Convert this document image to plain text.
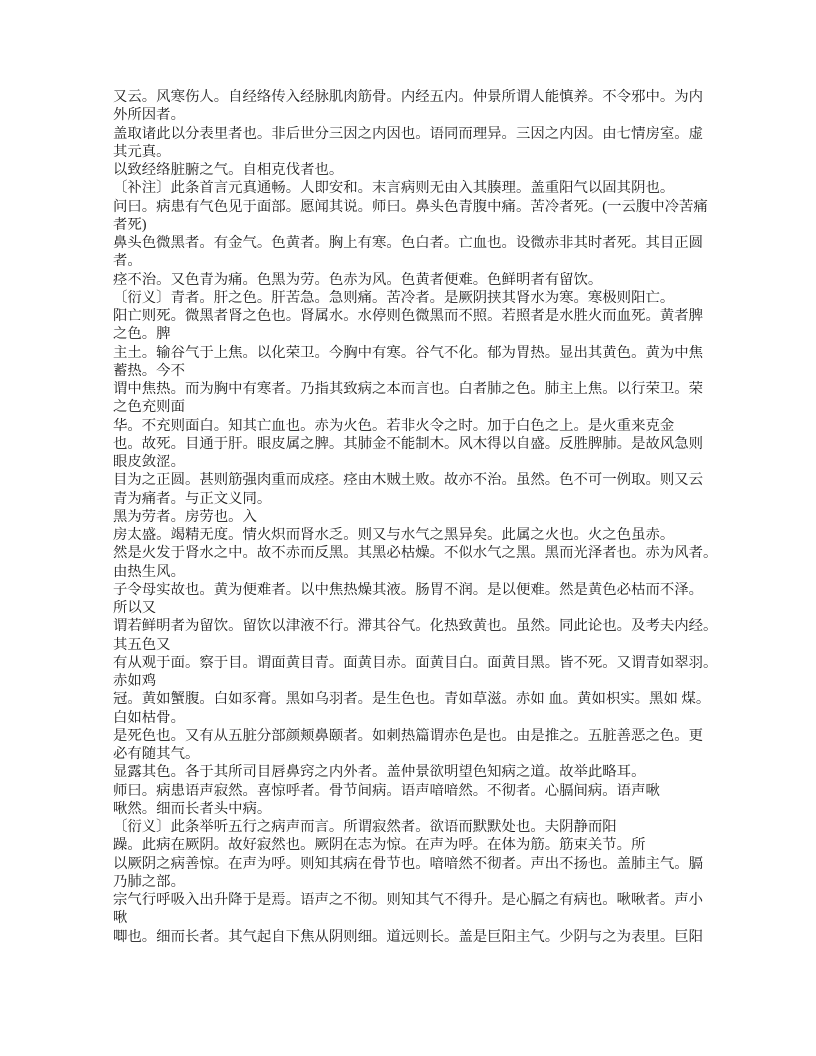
又云。风寒伤人。自经络传入经脉肌肉筋骨。内经五内。仲景所谓人能慎养。不令邪中。为内
外所因者。
盖取诸此以分表里者也。非后世分三因之内因也。语同而理异。三因之内因。由七情房室。虚
其元真。
以致经络脏腑之气。自相克伐者也。
〔补注〕此条首言元真通畅。人即安和。末言病则无由入其腠理。盖重阳气以固其阴也。
问曰。病患有气色见于面部。愿闻其说。师曰。鼻头色青腹中痛。苦冷者死。(一云腹中冷苦痛
者死)
鼻头色微黑者。有金气。色黄者。胸上有寒。色白者。亡血也。设微赤非其时者死。其目正圆
者。
痉不治。又色青为痛。色黑为劳。色赤为风。色黄者便难。色鲜明者有留饮。
〔衍义〕青者。肝之色。肝苦急。急则痛。苦冷者。是厥阴挟其肾水为寒。寒极则阳亡。
阳亡则死。微黑者肾之色也。肾属水。水停则色微黑而不照。若照者是水胜火而血死。黄者脾
之色。脾
主土。输谷气于上焦。以化荣卫。今胸中有寒。谷气不化。郁为胃热。显出其黄色。黄为中焦
蓄热。今不
谓中焦热。而为胸中有寒者。乃指其致病之本而言也。白者肺之色。肺主上焦。以行荣卫。荣
之色充则面
华。不充则面白。知其亡血也。赤为火色。若非火令之时。加于白色之上。是火重来克金
也。故死。目通于肝。眼皮属之脾。其肺金不能制木。风木得以自盛。反胜脾肺。是故风急则
眼皮敛涩。
目为之正圆。甚则筋强肉重而成痉。痉由木贼土败。故亦不治。虽然。色不可一例取。则又云
青为痛者。与正文义同。
黑为劳者。房劳也。入
房太盛。竭精无度。情火炽而肾水乏。则又与水气之黑异矣。此属之火也。火之色虽赤。
然是火发于肾水之中。故不赤而反黑。其黑必枯燥。不似水气之黑。黑而光泽者也。赤为风者。
由热生风。
子令母实故也。黄为便难者。以中焦热燥其液。肠胃不润。是以便难。然是黄色必枯而不泽。
所以又
谓若鲜明者为留饮。留饮以津液不行。滞其谷气。化热致黄也。虽然。同此论也。及考夫内经。
其五色又
有从观于面。察于目。谓面黄目青。面黄目赤。面黄目白。面黄目黑。皆不死。又谓青如翠羽。
赤如鸡
冠。黄如蟹腹。白如豕膏。黑如乌羽者。是生色也。青如草滋。赤如 血。黄如枳实。黑如 煤。
白如枯骨。
是死色也。又有从五脏分部颜颊鼻颐者。如刺热篇谓赤色是也。由是推之。五脏善恶之色。更
必有随其气。
显露其色。各于其所司目唇鼻窍之内外者。盖仲景欲明望色知病之道。故举此略耳。
师曰。病患语声寂然。喜惊呼者。骨节间病。语声喑喑然。不彻者。心膈间病。语声啾
啾然。细而长者头中病。
〔衍义〕此条举听五行之病声而言。所谓寂然者。欲语而默默处也。夫阴静而阳
躁。此病在厥阴。故好寂然也。厥阴在志为惊。在声为呼。在体为筋。筋束关节。所
以厥阴之病善惊。在声为呼。则知其病在骨节也。喑喑然不彻者。声出不扬也。盖肺主气。膈
乃肺之部。
宗气行呼吸入出升降于是焉。语声之不彻。则知其气不得升。是心膈之有病也。啾啾者。声小
啾
唧也。细而长者。其气起自下焦从阴则细。道远则长。盖是巨阳主气。少阴与之为表里。巨阳
